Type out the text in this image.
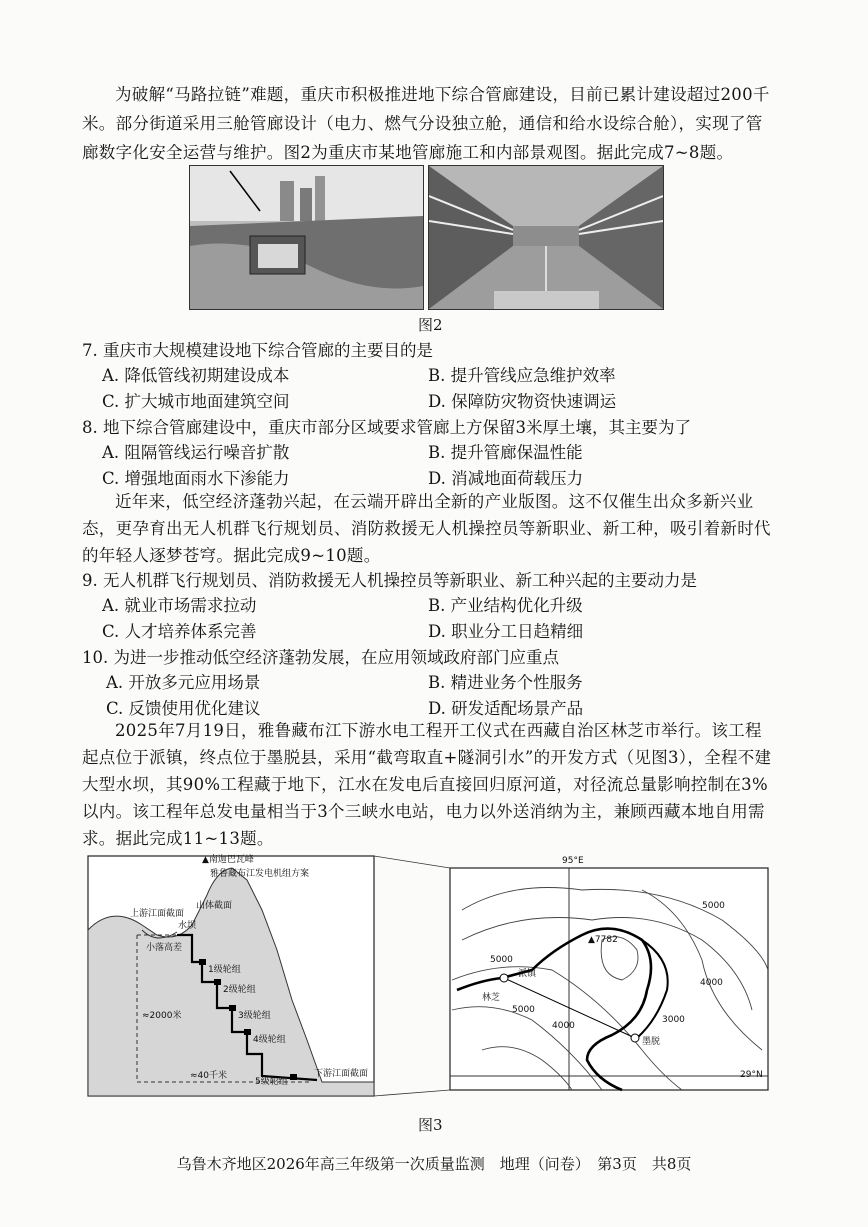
为破解“马路拉链”难题，重庆市积极推进地下综合管廊建设，目前已累计建设超过200千米。部分街道采用三舱管廊设计（电力、燃气分设独立舱，通信和给水设综合舱），实现了管廊数字化安全运营与维护。图2为重庆市某地管廊施工和内部景观图。据此完成7~8题。

图2

7. 重庆市大规模建设地下综合管廊的主要目的是

A. 降低管线初期建设成本	B. 提升管线应急维护效率

C. 扩大城市地面建筑空间	D. 保障防灾物资快速调运

8. 地下综合管廊建设中，重庆市部分区域要求管廊上方保留3米厚土壤，其主要为了

A. 阻隔管线运行噪音扩散	B. 提升管廊保温性能

C. 增强地面雨水下渗能力	D. 消减地面荷载压力

近年来，低空经济蓬勃兴起，在云端开辟出全新的产业版图。这不仅催生出众多新兴业态，更孕育出无人机群飞行规划员、消防救援无人机操控员等新职业、新工种，吸引着新时代的年轻人逐梦苍穹。据此完成9~10题。

9. 无人机群飞行规划员、消防救援无人机操控员等新职业、新工种兴起的主要动力是

A. 就业市场需求拉动	B. 产业结构优化升级

C. 人才培养体系完善	D. 职业分工日趋精细

10. 为进一步推动低空经济蓬勃发展，在应用领域政府部门应重点

A. 开放多元应用场景	B. 精进业务个性服务

C. 反馈使用优化建议	D. 研发适配场景产品

2025年7月19日，雅鲁藏布江下游水电工程开工仪式在西藏自治区林芝市举行。该工程起点位于派镇，终点位于墨脱县，采用“截弯取直+隧洞引水”的开发方式（见图3），全程不建大型水坝，其90%工程藏于地下，江水在发电后直接回归原河道，对径流总量影响控制在3%以内。该工程年总发电量相当于3个三峡水电站，电力以外送消纳为主，兼顾西藏本地自用需求。据此完成11~13题。

▲南迦巴瓦峰
雅鲁藏布江发电机组方案
上游江面截面
山体截面
水坝
小落高差
1级轮组
2级轮组
3级轮组
4级轮组
5级轮组
≈2000米
≈40千米	下游江面截面
95°E
29°N
▲7782
派镇
林芝
墨脱
5000
5000
5000
4000
3000
4000

图3

乌鲁木齐地区2026年高三年级第一次质量监测　地理（问卷）　第3页　共8页
